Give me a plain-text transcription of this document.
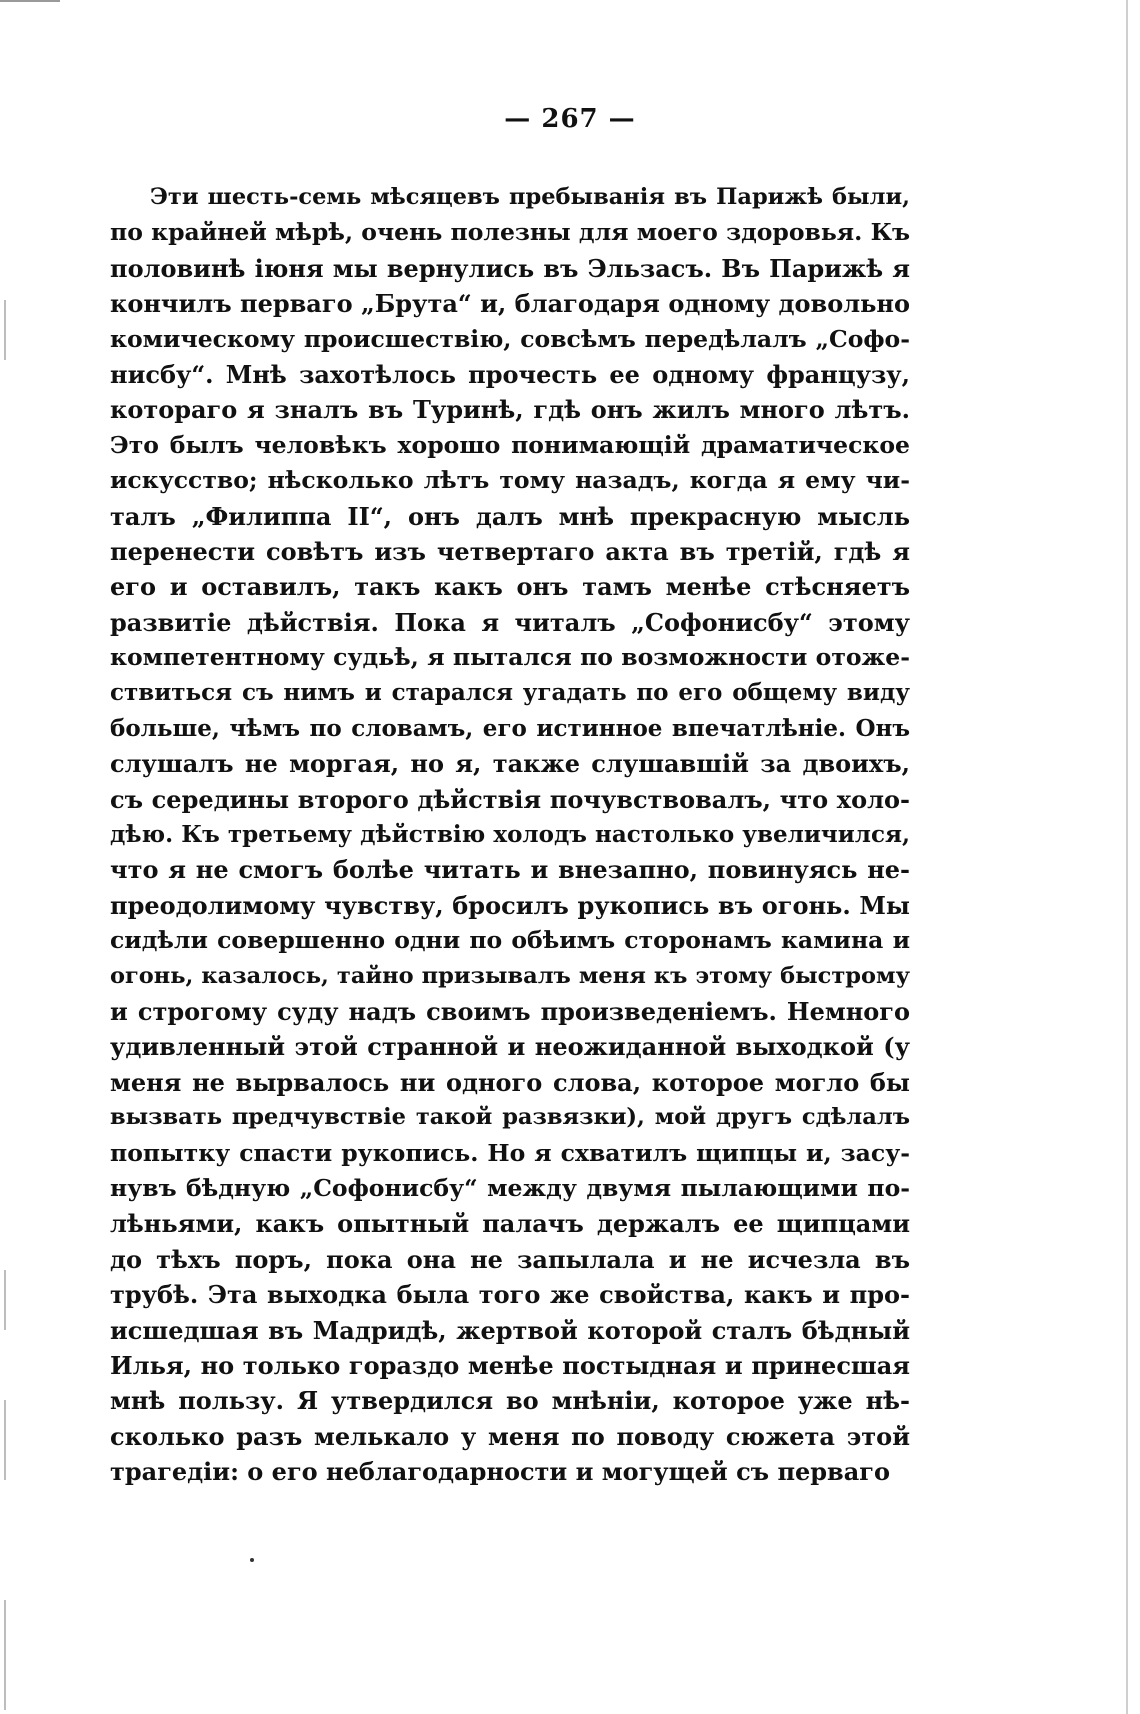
— 267 —
Эти шесть-семь мѣсяцевъ пребыванія въ Парижѣ были,
по крайней мѣрѣ, очень полезны для моего здоровья. Къ
половинѣ іюня мы вернулись въ Эльзасъ. Въ Парижѣ я
кончилъ перваго „Брута“ и, благодаря одному довольно
комическому происшествію, совсѣмъ передѣлалъ „Софо-
нисбу“. Мнѣ захотѣлось прочесть ее одному французу,
котораго я зналъ въ Туринѣ, гдѣ онъ жилъ много лѣтъ.
Это былъ человѣкъ хорошо понимающій драматическое
искусство; нѣсколько лѣтъ тому назадъ, когда я ему чи-
талъ „Филиппа II“, онъ далъ мнѣ прекрасную мысль
перенести совѣтъ изъ четвертаго акта въ третій, гдѣ я
его и оставилъ, такъ какъ онъ тамъ менѣе стѣсняетъ
развитіе дѣйствія. Пока я читалъ „Софонисбу“ этому
компетентному судьѣ, я пытался по возможности отоже-
ствиться съ нимъ и старался угадать по его общему виду
больше, чѣмъ по словамъ, его истинное впечатлѣніе. Онъ
слушалъ не моргая, но я, также слушавшій за двоихъ,
съ середины второго дѣйствія почувствовалъ, что холо-
дѣю. Къ третьему дѣйствію холодъ настолько увеличился,
что я не смогъ болѣе читать и внезапно, повинуясь не-
преодолимому чувству, бросилъ рукопись въ огонь. Мы
сидѣли совершенно одни по обѣимъ сторонамъ камина и
огонь, казалось, тайно призывалъ меня къ этому быстрому
и строгому суду надъ своимъ произведеніемъ. Немного
удивленный этой странной и неожиданной выходкой (у
меня не вырвалось ни одного слова, которое могло бы
вызвать предчувствіе такой развязки), мой другъ сдѣлалъ
попытку спасти рукопись. Но я схватилъ щипцы и, засу-
нувъ бѣдную „Софонисбу“ между двумя пылающими по-
лѣньями, какъ опытный палачъ держалъ ее щипцами
до тѣхъ поръ, пока она не запылала и не исчезла въ
трубѣ. Эта выходка была того же свойства, какъ и про-
исшедшая въ Мадридѣ, жертвой которой сталъ бѣдный
Илья, но только гораздо менѣе постыдная и принесшая
мнѣ пользу. Я утвердился во мнѣніи, которое уже нѣ-
сколько разъ мелькало у меня по поводу сюжета этой
трагедіи: о его неблагодарности и могущей съ перваго
